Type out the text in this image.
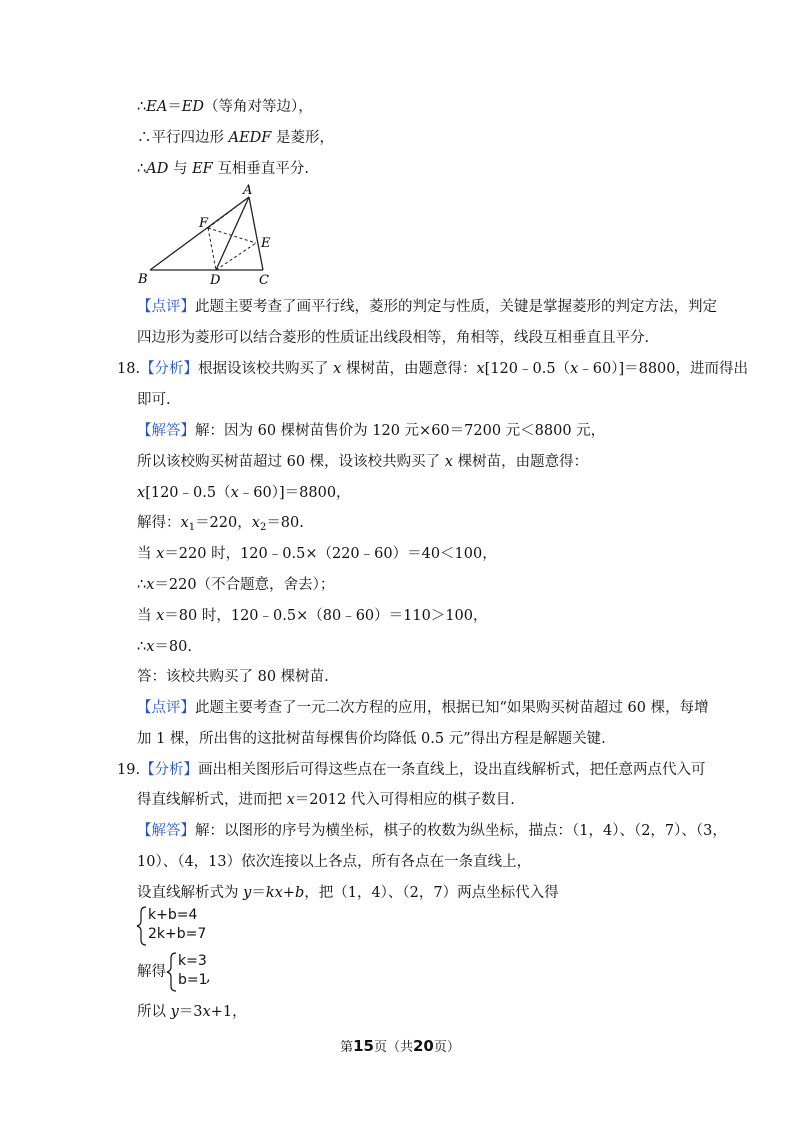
∴EA＝ED（等角对等边），
∴平行四边形 AEDF 是菱形，
∴AD 与 EF 互相垂直平分.
A
B	C
D
E
F
【点评】此题主要考查了画平行线，菱形的判定与性质，关键是掌握菱形的判定方法，判定
四边形为菱形可以结合菱形的性质证出线段相等，角相等，线段互相垂直且平分.
18.【分析】根据设该校共购买了 x 棵树苗，由题意得：x[120﹣0.5（x﹣60）]＝8800，进而得出
即可.
【解答】解：因为 60 棵树苗售价为 120 元×60＝7200 元＜8800 元，
所以该校购买树苗超过 60 棵，设该校共购买了 x 棵树苗，由题意得：
x[120﹣0.5（x﹣60）]＝8800，
解得：$x_1=220$，$x_2=80$.
当 x＝220 时，120﹣0.5×（220﹣60）＝40＜100，
∴x＝220（不合题意，舍去）；
当 x＝80 时，120﹣0.5×（80﹣60）＝110＞100，
∴x＝80.
答：该校共购买了 80 棵树苗.
【点评】此题主要考查了一元二次方程的应用，根据已知“如果购买树苗超过 60 棵，每增
加 1 棵，所出售的这批树苗每棵售价均降低 0.5 元”得出方程是解题关键.
19.【分析】画出相关图形后可得这些点在一条直线上，设出直线解析式，把任意两点代入可
得直线解析式，进而把 x＝2012 代入可得相应的棋子数目.
【解答】解：以图形的序号为横坐标，棋子的枚数为纵坐标，描点：（1，4）、（2，7）、（3，
10）、（4，13）依次连接以上各点，所有各点在一条直线上，
设直线解析式为 y＝kx+b，把（1，4）、（2，7）两点坐标代入得
k+b=4
2k+b=7
解得
k=3
b=1
,
所以 y＝3x+1，
第15页（共20页）
